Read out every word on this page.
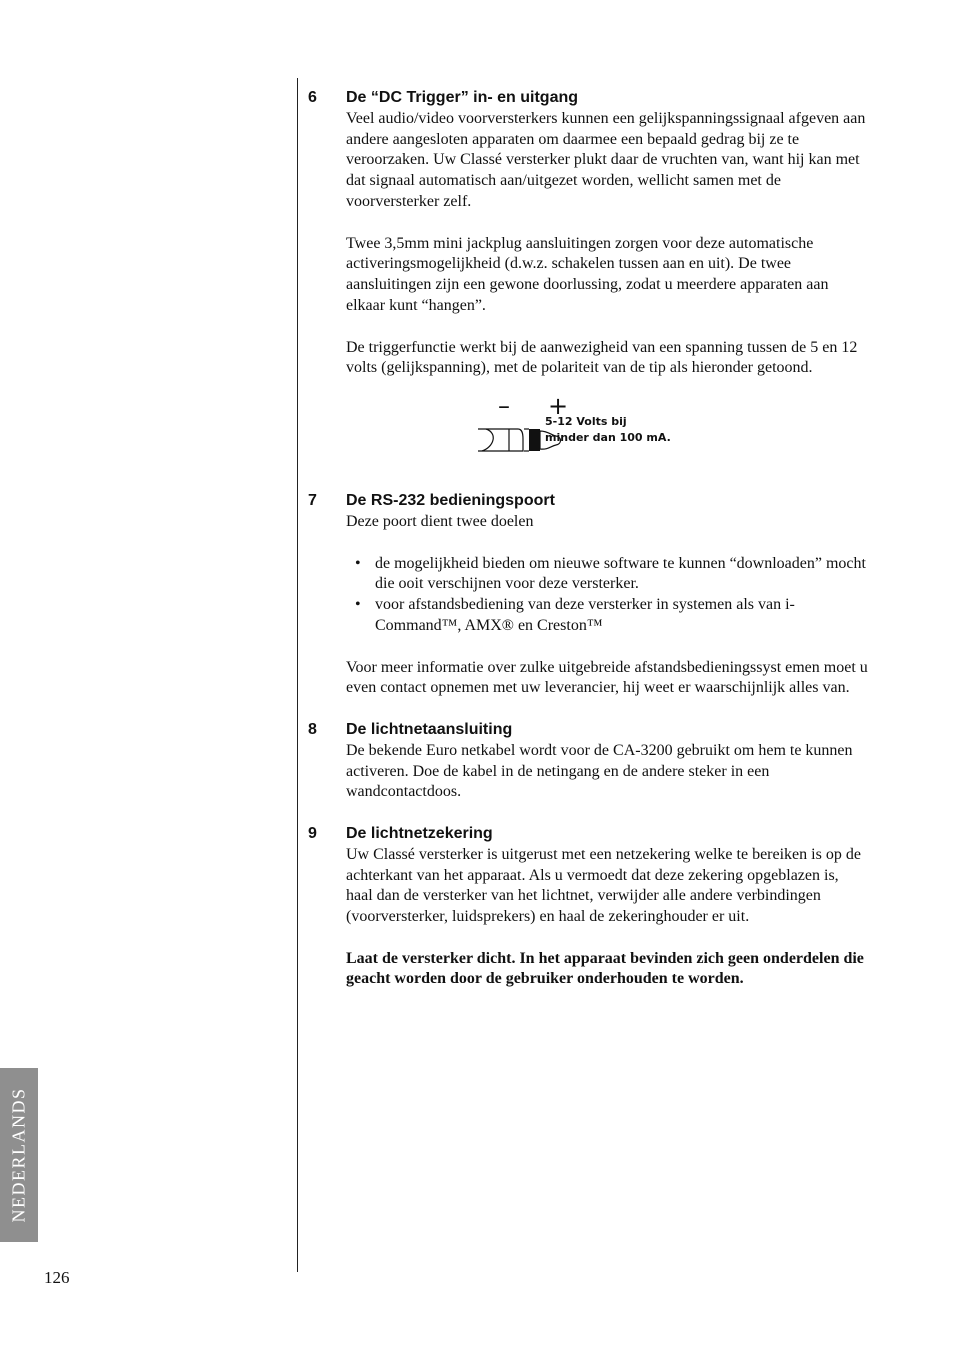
NEDERLANDS
126
6	De “DC Trigger” in- en uitgang

Veel audio/video voorversterkers kunnen een gelijkspanningssignaal afgeven aan andere aangesloten apparaten om daarmee een bepaald gedrag bij ze te veroorzaken. Uw Classé versterker plukt daar de vruchten van, want hij kan met dat signaal automatisch aan/uitgezet worden, wellicht samen met de voorversterker zelf.

Twee 3,5mm mini jackplug aansluitingen zorgen voor deze automatische activeringsmogelijkheid (d.w.z. schakelen tussen aan en uit). De twee aansluitingen zijn een gewone doorlussing, zodat u meerdere apparaten aan elkaar kunt “hangen”.

De triggerfunctie werkt bij de aanwezigheid van een spanning tussen de 5 en 12 volts (gelijkspanning), met de polariteit van de tip als hieronder getoond.

– +
5-12 Volts bij
minder dan 100 mA.
7	De RS-232 bedieningspoort

Deze poort dient twee doelen

• de mogelijkheid bieden om nieuwe software te kunnen “downloaden” mocht die ooit verschijnen voor deze versterker.
• voor afstandsbediening van deze versterker in systemen als van i-Command™, AMX® en Creston™

Voor meer informatie over zulke uitgebreide afstandsbedieningssyst emen moet u even contact opnemen met uw leverancier, hij weet er waarschijnlijk alles van.

8	De lichtnetaansluiting

De bekende Euro netkabel wordt voor de CA-3200 gebruikt om hem te kunnen activeren. Doe de kabel in de netingang en de andere steker in een wandcontactdoos.

9	De lichtnetzekering

Uw Classé versterker is uitgerust met een netzekering welke te bereiken is op de achterkant van het apparaat. Als u vermoedt dat deze zekering opgeblazen is, haal dan de versterker van het lichtnet, verwijder alle andere verbindingen (voorversterker, luidsprekers) en haal de zekeringhouder er uit.

Laat de versterker dicht. In het apparaat bevinden zich geen onderdelen die geacht worden door de gebruiker onderhouden te worden.
